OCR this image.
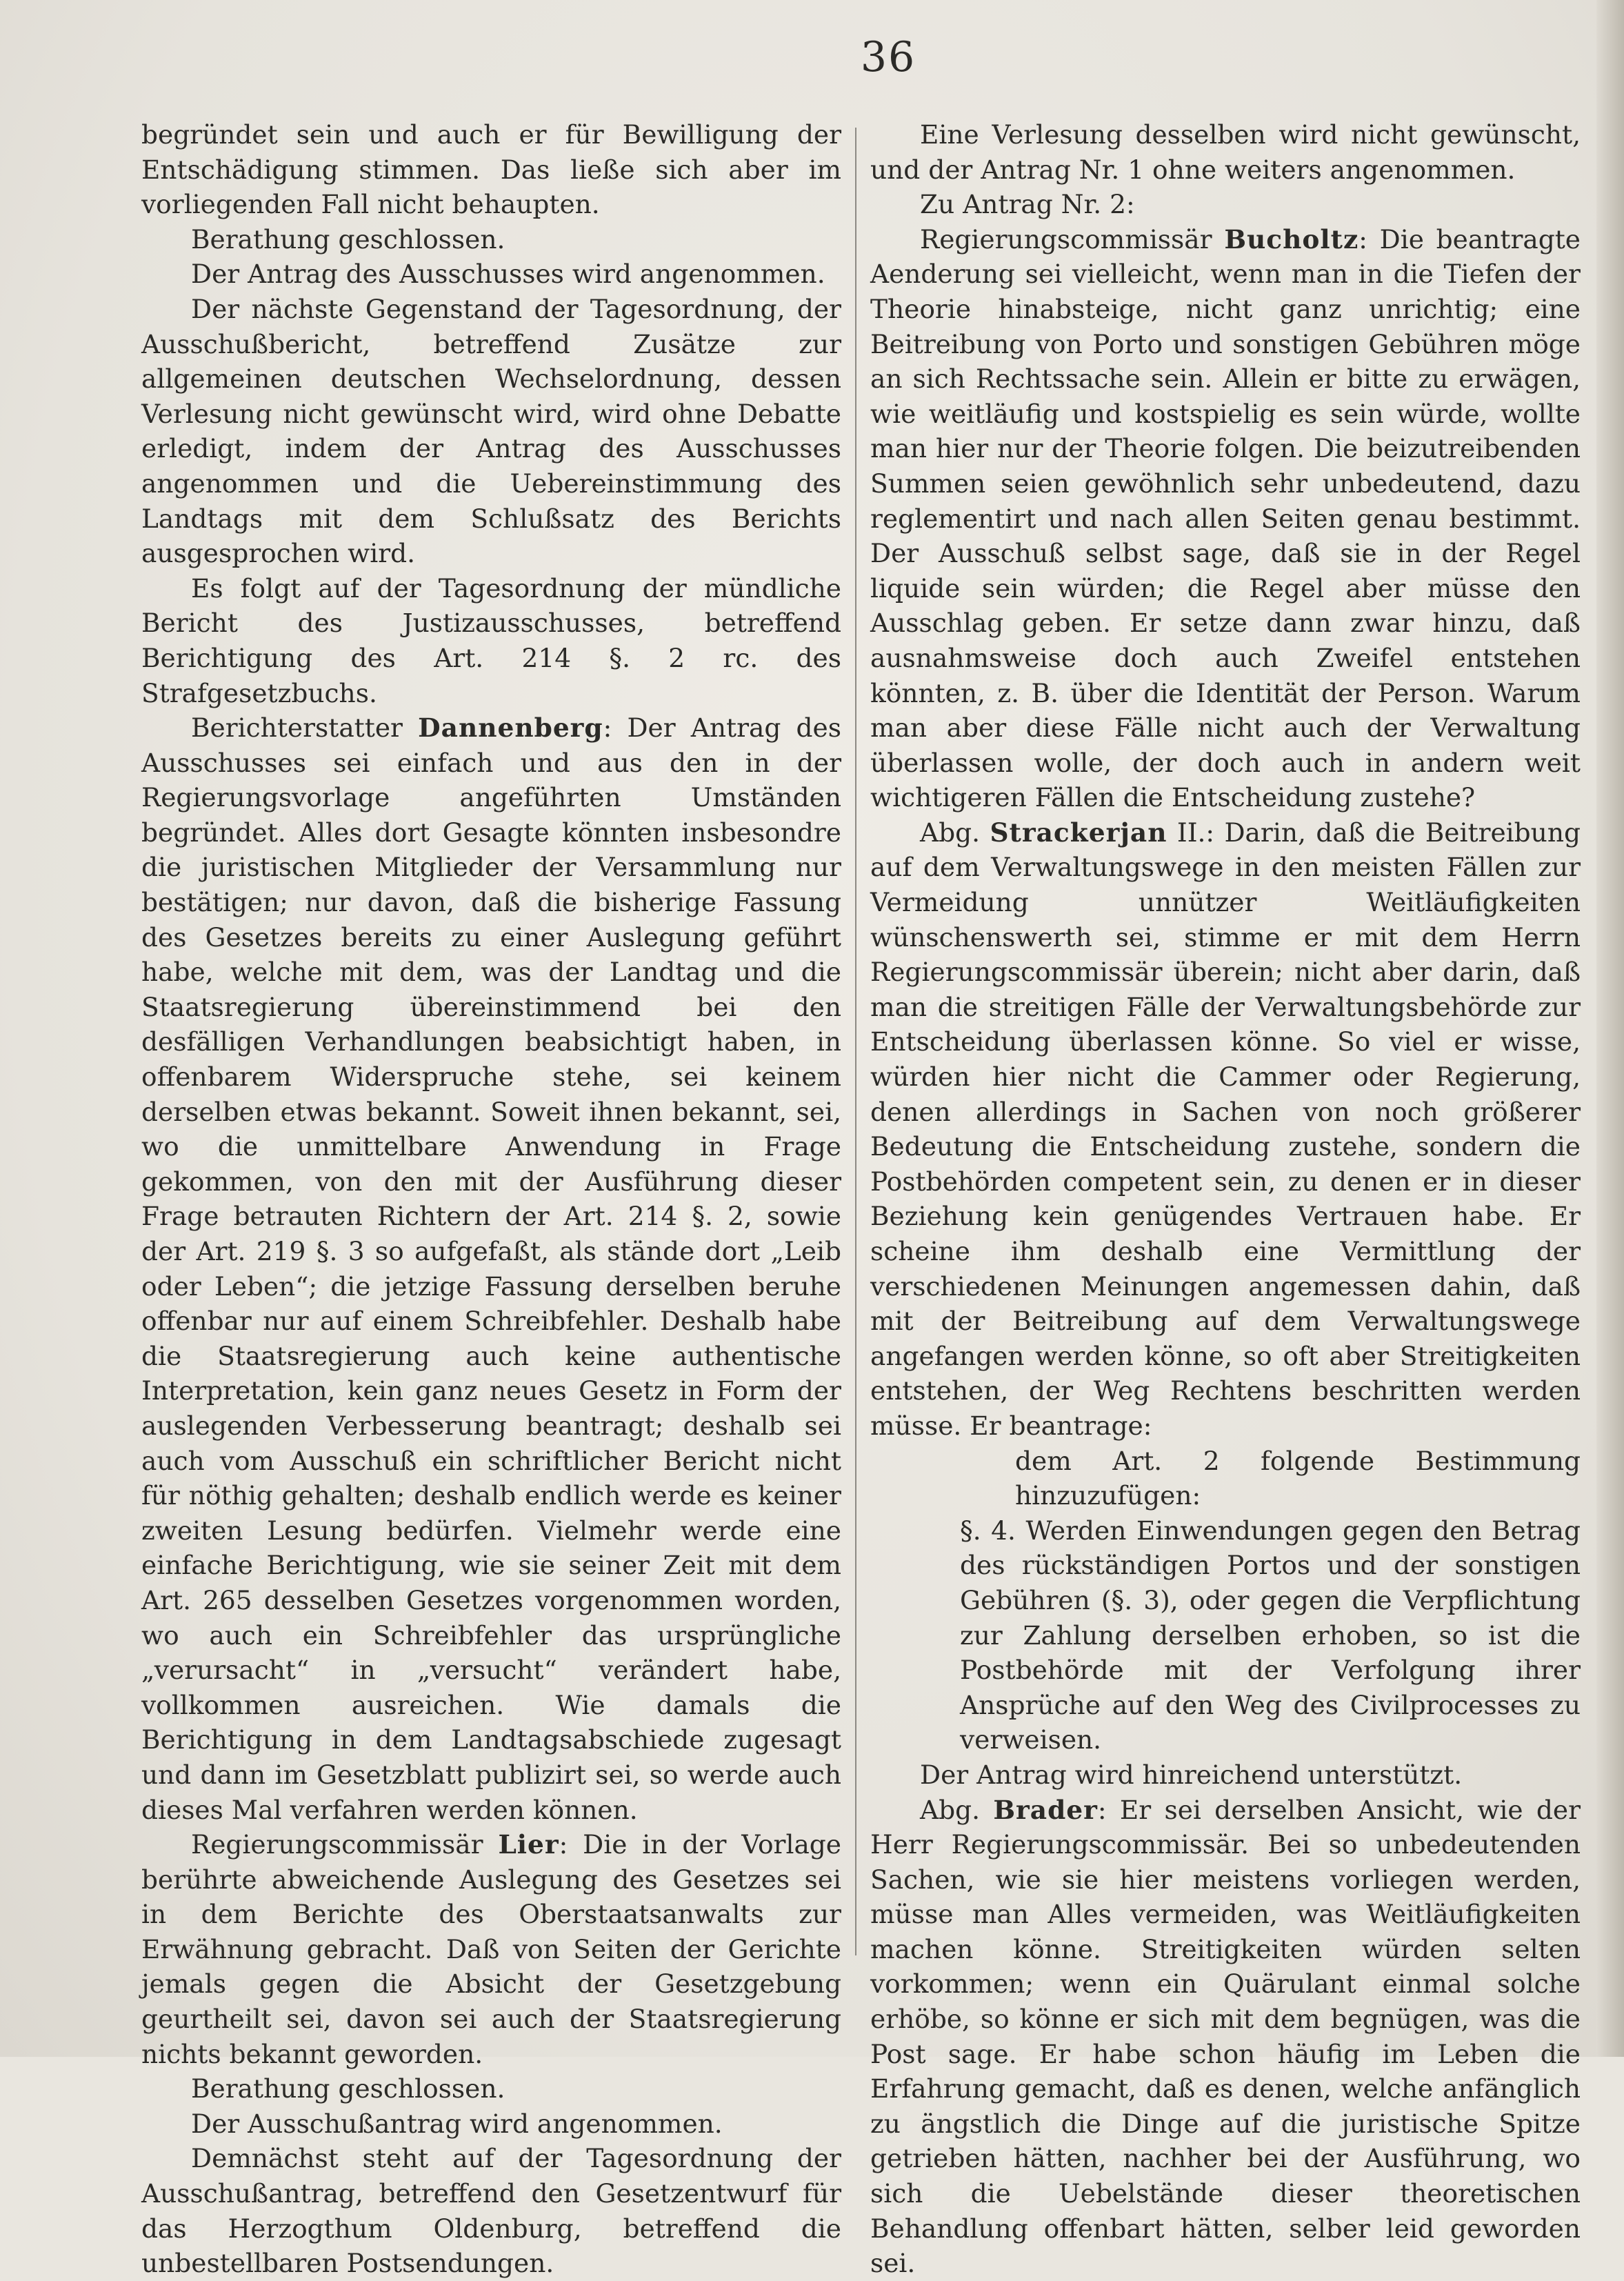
36

begründet sein und auch er für Bewilligung der Entschädigung stimmen. Das ließe sich aber im vorliegenden Fall nicht behaupten.

Berathung geschlossen.

Der Antrag des Ausschusses wird angenommen.

Der nächste Gegenstand der Tagesordnung, der Ausschußbericht, betreffend Zusätze zur allgemeinen deutschen Wechselordnung, dessen Verlesung nicht gewünscht wird, wird ohne Debatte erledigt, indem der Antrag des Ausschusses angenommen und die Uebereinstimmung des Landtags mit dem Schlußsatz des Berichts ausgesprochen wird.

Es folgt auf der Tagesordnung der mündliche Bericht des Justizausschusses, betreffend Berichtigung des Art. 214 §. 2 rc. des Strafgesetzbuchs.

Berichterstatter Dannenberg: Der Antrag des Ausschusses sei einfach und aus den in der Regierungsvorlage angeführten Umständen begründet. Alles dort Gesagte könnten insbesondre die juristischen Mitglieder der Versammlung nur bestätigen; nur davon, daß die bisherige Fassung des Gesetzes bereits zu einer Auslegung geführt habe, welche mit dem, was der Landtag und die Staatsregierung übereinstimmend bei den desfälligen Verhandlungen beabsichtigt haben, in offenbarem Widerspruche stehe, sei keinem derselben etwas bekannt. Soweit ihnen bekannt, sei, wo die unmittelbare Anwendung in Frage gekommen, von den mit der Ausführung dieser Frage betrauten Richtern der Art. 214 §. 2, sowie der Art. 219 §. 3 so aufgefaßt, als stände dort „Leib oder Leben“; die jetzige Fassung derselben beruhe offenbar nur auf einem Schreibfehler. Deshalb habe die Staatsregierung auch keine authentische Interpretation, kein ganz neues Gesetz in Form der auslegenden Verbesserung beantragt; deshalb sei auch vom Ausschuß ein schriftlicher Bericht nicht für nöthig gehalten; deshalb endlich werde es keiner zweiten Lesung bedürfen. Vielmehr werde eine einfache Berichtigung, wie sie seiner Zeit mit dem Art. 265 desselben Gesetzes vorgenommen worden, wo auch ein Schreibfehler das ursprüngliche „verursacht“ in „versucht“ verändert habe, vollkommen ausreichen. Wie damals die Berichtigung in dem Landtagsabschiede zugesagt und dann im Gesetzblatt publizirt sei, so werde auch dieses Mal verfahren werden können.

Regierungscommissär Lier: Die in der Vorlage berührte abweichende Auslegung des Gesetzes sei in dem Berichte des Oberstaatsanwalts zur Erwähnung gebracht. Daß von Seiten der Gerichte jemals gegen die Absicht der Gesetzgebung geurtheilt sei, davon sei auch der Staatsregierung nichts bekannt geworden.

Berathung geschlossen.

Der Ausschußantrag wird angenommen.

Demnächst steht auf der Tagesordnung der Ausschußantrag, betreffend den Gesetzentwurf für das Herzogthum Oldenburg, betreffend die unbestellbaren Postsendungen.

Eine Verlesung desselben wird nicht gewünscht, und der Antrag Nr. 1 ohne weiters angenommen.

Zu Antrag Nr. 2:

Regierungscommissär Bucholtz: Die beantragte Aenderung sei vielleicht, wenn man in die Tiefen der Theorie hinabsteige, nicht ganz unrichtig; eine Beitreibung von Porto und sonstigen Gebühren möge an sich Rechtssache sein. Allein er bitte zu erwägen, wie weitläufig und kostspielig es sein würde, wollte man hier nur der Theorie folgen. Die beizutreibenden Summen seien gewöhnlich sehr unbedeutend, dazu reglementirt und nach allen Seiten genau bestimmt. Der Ausschuß selbst sage, daß sie in der Regel liquide sein würden; die Regel aber müsse den Ausschlag geben. Er setze dann zwar hinzu, daß ausnahmsweise doch auch Zweifel entstehen könnten, z. B. über die Identität der Person. Warum man aber diese Fälle nicht auch der Verwaltung überlassen wolle, der doch auch in andern weit wichtigeren Fällen die Entscheidung zustehe?

Abg. Strackerjan II.: Darin, daß die Beitreibung auf dem Verwaltungswege in den meisten Fällen zur Vermeidung unnützer Weitläufigkeiten wünschenswerth sei, stimme er mit dem Herrn Regierungscommissär überein; nicht aber darin, daß man die streitigen Fälle der Verwaltungsbehörde zur Entscheidung überlassen könne. So viel er wisse, würden hier nicht die Cammer oder Regierung, denen allerdings in Sachen von noch größerer Bedeutung die Entscheidung zustehe, sondern die Postbehörden competent sein, zu denen er in dieser Beziehung kein genügendes Vertrauen habe. Er scheine ihm deshalb eine Vermittlung der verschiedenen Meinungen angemessen dahin, daß mit der Beitreibung auf dem Verwaltungswege angefangen werden könne, so oft aber Streitigkeiten entstehen, der Weg Rechtens beschritten werden müsse. Er beantrage:

dem Art. 2 folgende Bestimmung hinzuzufügen:

§. 4. Werden Einwendungen gegen den Betrag des rückständigen Portos und der sonstigen Gebühren (§. 3), oder gegen die Verpflichtung zur Zahlung derselben erhoben, so ist die Postbehörde mit der Verfolgung ihrer Ansprüche auf den Weg des Civilprocesses zu verweisen.

Der Antrag wird hinreichend unterstützt.

Abg. Brader: Er sei derselben Ansicht, wie der Herr Regierungscommissär. Bei so unbedeutenden Sachen, wie sie hier meistens vorliegen werden, müsse man Alles vermeiden, was Weitläufigkeiten machen könne. Streitigkeiten würden selten vorkommen; wenn ein Quärulant einmal solche erhöbe, so könne er sich mit dem begnügen, was die Post sage. Er habe schon häufig im Leben die Erfahrung gemacht, daß es denen, welche anfänglich zu ängstlich die Dinge auf die juristische Spitze getrieben hätten, nachher bei der Ausführung, wo sich die Uebelstände dieser theoretischen Behandlung offenbart hätten, selber leid geworden sei.
